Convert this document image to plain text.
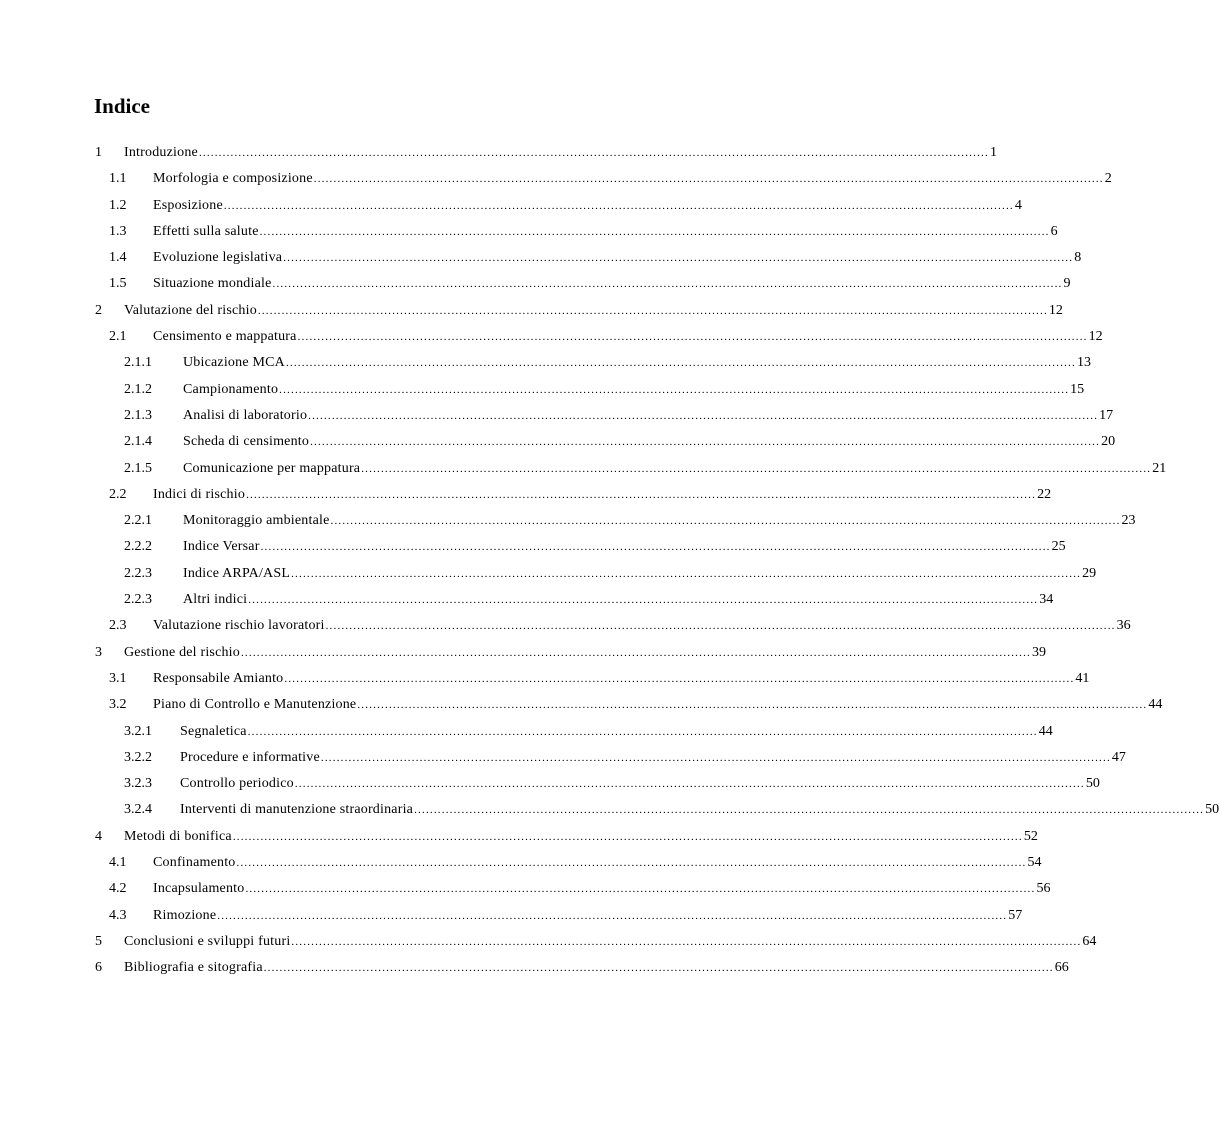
Indice
1 Introduzione ........................................................................................................................................................................................................ 1
1.1 Morfologia e composizione ........................................................................................................................................................................................................ 2
1.2 Esposizione ........................................................................................................................................................................................................ 4
1.3 Effetti sulla salute ........................................................................................................................................................................................................ 6
1.4 Evoluzione legislativa ........................................................................................................................................................................................................ 8
1.5 Situazione mondiale ........................................................................................................................................................................................................ 9
2 Valutazione del rischio ........................................................................................................................................................................................................ 12
2.1 Censimento e mappatura ........................................................................................................................................................................................................ 12
2.1.1 Ubicazione MCA ........................................................................................................................................................................................................ 13
2.1.2 Campionamento ........................................................................................................................................................................................................ 15
2.1.3 Analisi di laboratorio ........................................................................................................................................................................................................ 17
2.1.4 Scheda di censimento ........................................................................................................................................................................................................ 20
2.1.5 Comunicazione per mappatura ........................................................................................................................................................................................................ 21
2.2 Indici di rischio ........................................................................................................................................................................................................ 22
2.2.1 Monitoraggio ambientale ........................................................................................................................................................................................................ 23
2.2.2 Indice Versar ........................................................................................................................................................................................................ 25
2.2.3 Indice ARPA/ASL ........................................................................................................................................................................................................ 29
2.2.3 Altri indici ........................................................................................................................................................................................................ 34
2.3 Valutazione rischio lavoratori ........................................................................................................................................................................................................ 36
3 Gestione del rischio ........................................................................................................................................................................................................ 39
3.1 Responsabile Amianto ........................................................................................................................................................................................................ 41
3.2 Piano di Controllo e Manutenzione ........................................................................................................................................................................................................ 44
3.2.1 Segnaletica ........................................................................................................................................................................................................ 44
3.2.2 Procedure e informative ........................................................................................................................................................................................................ 47
3.2.3 Controllo periodico ........................................................................................................................................................................................................ 50
3.2.4 Interventi di manutenzione straordinaria ........................................................................................................................................................................................................ 50
4 Metodi di bonifica ........................................................................................................................................................................................................ 52
4.1 Confinamento ........................................................................................................................................................................................................ 54
4.2 Incapsulamento ........................................................................................................................................................................................................ 56
4.3 Rimozione ........................................................................................................................................................................................................ 57
5 Conclusioni e sviluppi futuri ........................................................................................................................................................................................................ 64
6 Bibliografia e sitografia ........................................................................................................................................................................................................ 66
